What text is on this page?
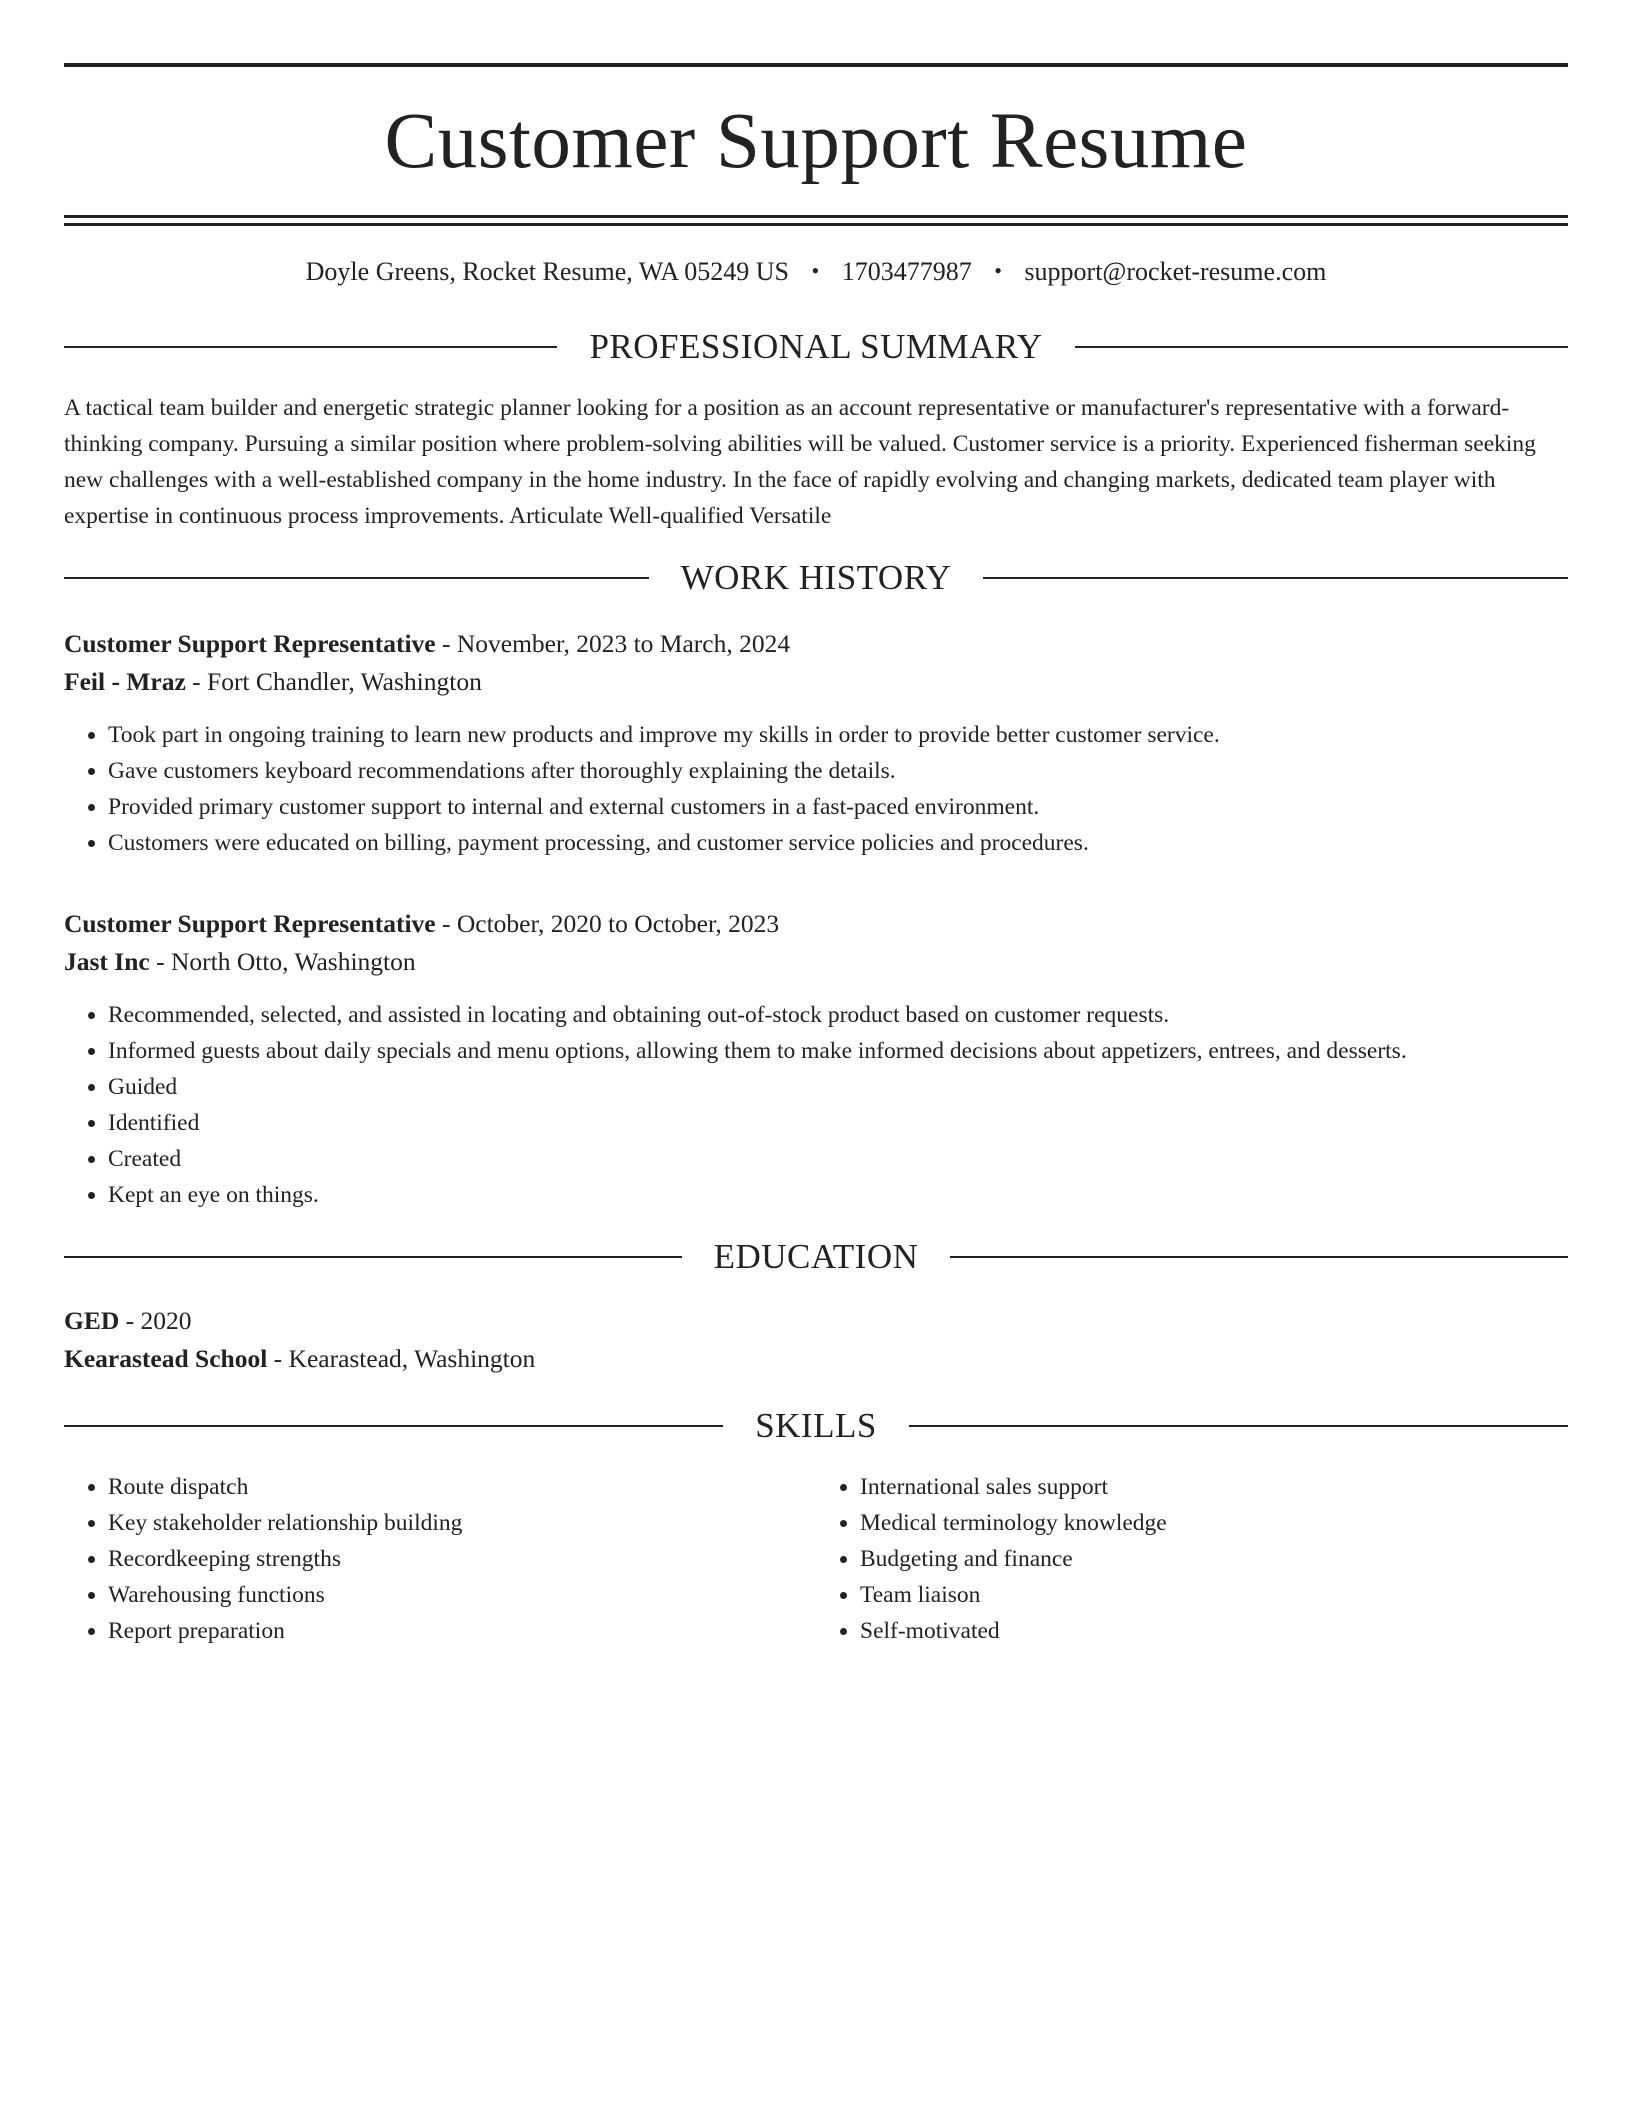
Customer Support Resume
Doyle Greens, Rocket Resume, WA 05249 US • 1703477987 • support@rocket-resume.com
PROFESSIONAL SUMMARY
A tactical team builder and energetic strategic planner looking for a position as an account representative or manufacturer's representative with a forward-thinking company. Pursuing a similar position where problem-solving abilities will be valued. Customer service is a priority. Experienced fisherman seeking new challenges with a well-established company in the home industry. In the face of rapidly evolving and changing markets, dedicated team player with expertise in continuous process improvements. Articulate Well-qualified Versatile
WORK HISTORY
Customer Support Representative - November, 2023 to March, 2024
Feil - Mraz - Fort Chandler, Washington
• Took part in ongoing training to learn new products and improve my skills in order to provide better customer service.
• Gave customers keyboard recommendations after thoroughly explaining the details.
• Provided primary customer support to internal and external customers in a fast-paced environment.
• Customers were educated on billing, payment processing, and customer service policies and procedures.
Customer Support Representative - October, 2020 to October, 2023
Jast Inc - North Otto, Washington
• Recommended, selected, and assisted in locating and obtaining out-of-stock product based on customer requests.
• Informed guests about daily specials and menu options, allowing them to make informed decisions about appetizers, entrees, and desserts.
• Guided
• Identified
• Created
• Kept an eye on things.
EDUCATION
GED - 2020
Kearastead School - Kearastead, Washington
SKILLS
• Route dispatch
• Key stakeholder relationship building
• Recordkeeping strengths
• Warehousing functions
• Report preparation
• International sales support
• Medical terminology knowledge
• Budgeting and finance
• Team liaison
• Self-motivated
